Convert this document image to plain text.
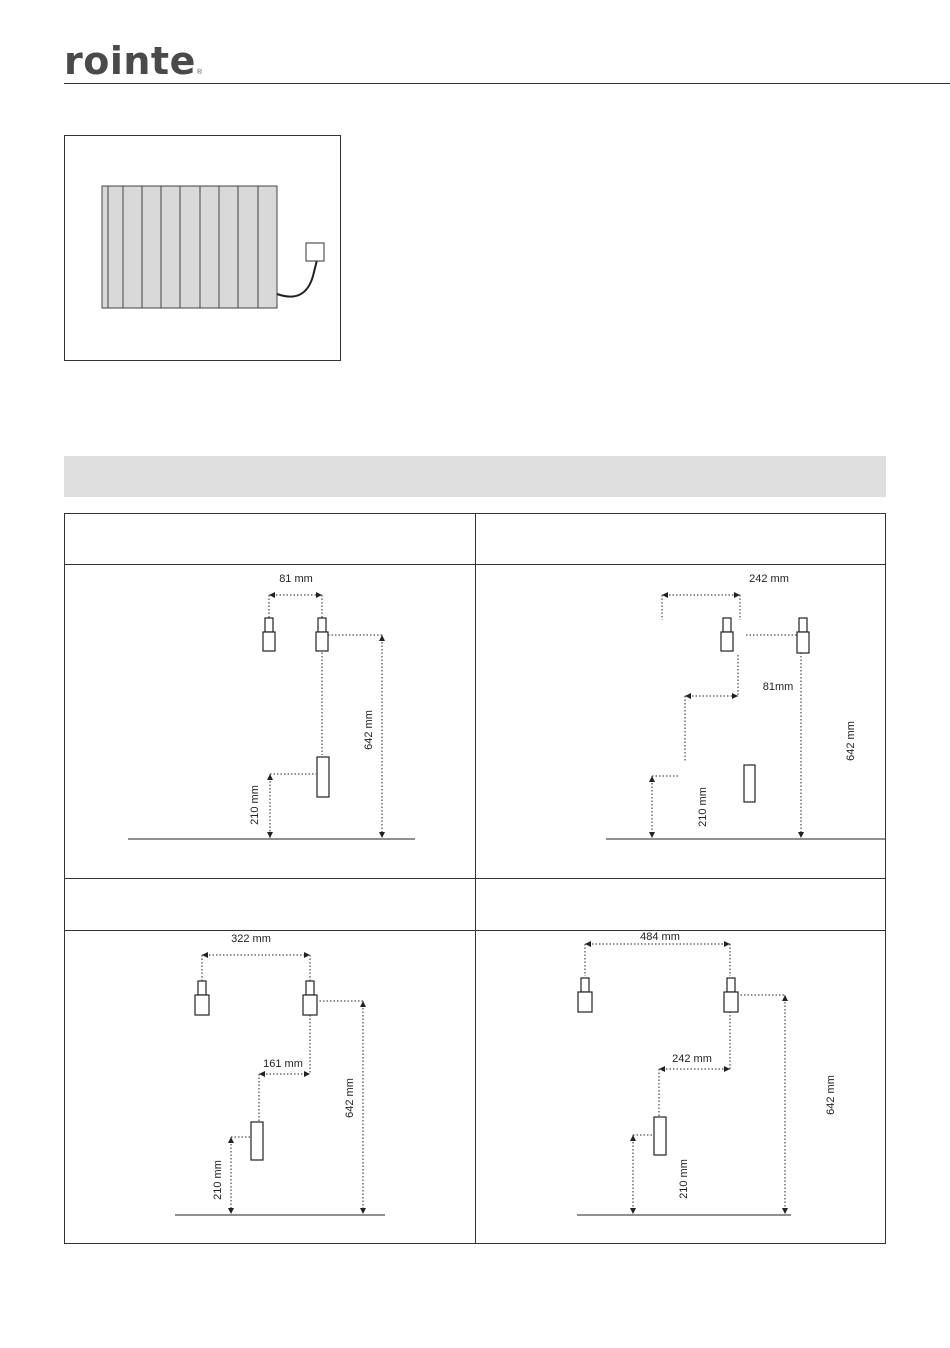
rointe ®
81 mm
642 mm
210 mm
242 mm
81mm
642 mm
210 mm
322 mm
161 mm
642 mm
210 mm
484 mm
242 mm
642 mm
210 mm
